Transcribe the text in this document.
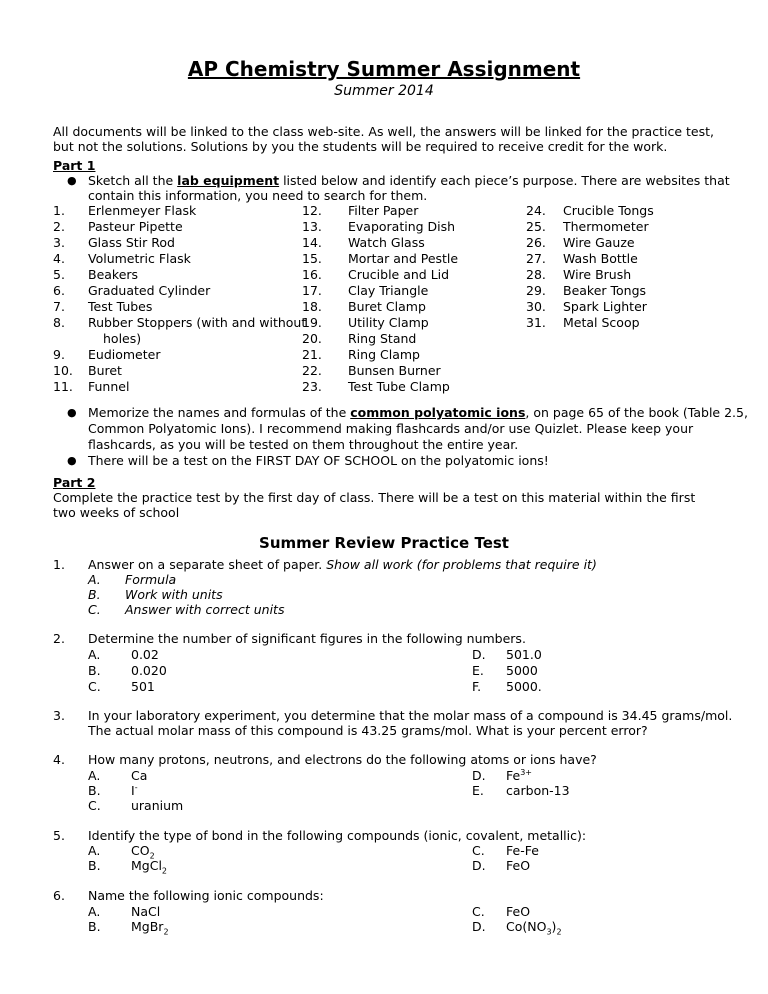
AP Chemistry Summer Assignment
Summer 2014
All documents will be linked to the class web-site. As well, the answers will be linked for the practice test, but not the solutions. Solutions by you the students will be required to receive credit for the work.
Part 1
● Sketch all the lab equipment listed below and identify each piece’s purpose. There are websites that
contain this information, you need to search for them.
1. Erlenmeyer Flask
2. Pasteur Pipette
3. Glass Stir Rod
4. Volumetric Flask
5. Beakers
6. Graduated Cylinder
7. Test Tubes
8. Rubber Stoppers (with and without
holes)
9. Eudiometer
10. Buret
11. Funnel
12. Filter Paper
13. Evaporating Dish
14. Watch Glass
15. Mortar and Pestle
16. Crucible and Lid
17. Clay Triangle
18. Buret Clamp
19. Utility Clamp
20. Ring Stand
21. Ring Clamp
22. Bunsen Burner
23. Test Tube Clamp
24. Crucible Tongs
25. Thermometer
26. Wire Gauze
27. Wash Bottle
28. Wire Brush
29. Beaker Tongs
30. Spark Lighter
31. Metal Scoop
● Memorize the names and formulas of the common polyatomic ions, on page 65 of the book (Table 2.5,
Common Polyatomic Ions). I recommend making flashcards and/or use Quizlet. Please keep your
flashcards, as you will be tested on them throughout the entire year.
● There will be a test on the FIRST DAY OF SCHOOL on the polyatomic ions!
Part 2
Complete the practice test by the first day of class. There will be a test on this material within the first two weeks of school
Summer Review Practice Test
1. Answer on a separate sheet of paper. Show all work (for problems that require it)
A. Formula
B. Work with units
C. Answer with correct units
2. Determine the number of significant figures in the following numbers.
A. 0.02
B. 0.020
C. 501
D. 501.0
E. 5000
F. 5000.
3. In your laboratory experiment, you determine that the molar mass of a compound is 34.45 grams/mol.
The actual molar mass of this compound is 43.25 grams/mol. What is your percent error?
4. How many protons, neutrons, and electrons do the following atoms or ions have?
A. Ca
B. I-
C. uranium
D. $Fe^{3+}$
E. carbon-13
5. Identify the type of bond in the following compounds (ionic, covalent, metallic):
A. $CO_2$
B. MgCl$_2$
C. Fe-Fe
D. FeO
6. Name the following ionic compounds:
A. NaCl
B. MgBr$_2$
C. FeO
D. $Co(NO_3)_2$
